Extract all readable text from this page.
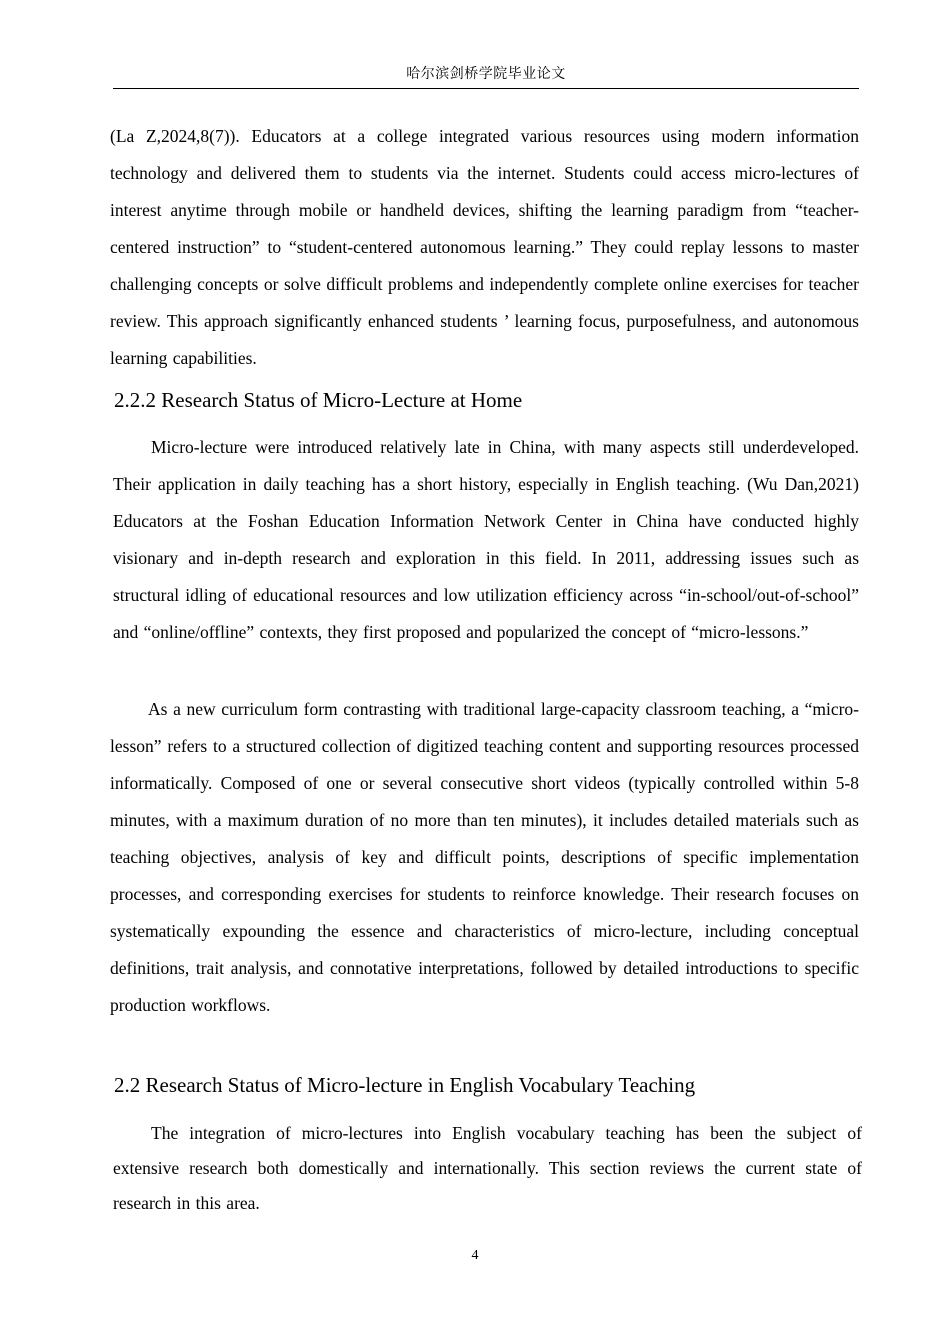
哈尔滨剑桥学院毕业论文

(La Z,2024,8(7)). Educators at a college integrated various resources using modern information technology and delivered them to students via the internet. Students could access micro-lectures of interest anytime through mobile or handheld devices, shifting the learning paradigm from “teacher-centered instruction” to “student-centered autonomous learning.” They could replay lessons to master challenging concepts or solve difficult problems and independently complete online exercises for teacher review. This approach significantly enhanced students ’ learning focus, purposefulness, and autonomous learning capabilities.

2.2.2 Research Status of Micro-Lecture at Home

Micro-lecture were introduced relatively late in China, with many aspects still underdeveloped. Their application in daily teaching has a short history, especially in English teaching. (Wu Dan,2021) Educators at the Foshan Education Information Network Center in China have conducted highly visionary and in-depth research and exploration in this field. In 2011, addressing issues such as structural idling of educational resources and low utilization efficiency across “in-school/out-of-school” and “online/offline” contexts, they first proposed and popularized the concept of “micro-lessons.”

As a new curriculum form contrasting with traditional large-capacity classroom teaching, a “micro-lesson” refers to a structured collection of digitized teaching content and supporting resources processed informatically. Composed of one or several consecutive short videos (typically controlled within 5-8 minutes, with a maximum duration of no more than ten minutes), it includes detailed materials such as teaching objectives, analysis of key and difficult points, descriptions of specific implementation processes, and corresponding exercises for students to reinforce knowledge. Their research focuses on systematically expounding the essence and characteristics of micro-lecture, including conceptual definitions, trait analysis, and connotative interpretations, followed by detailed introductions to specific production workflows.

2.2 Research Status of Micro-lecture in English Vocabulary Teaching

The integration of micro-lectures into English vocabulary teaching has been the subject of extensive research both domestically and internationally. This section reviews the current state of research in this area.

4
